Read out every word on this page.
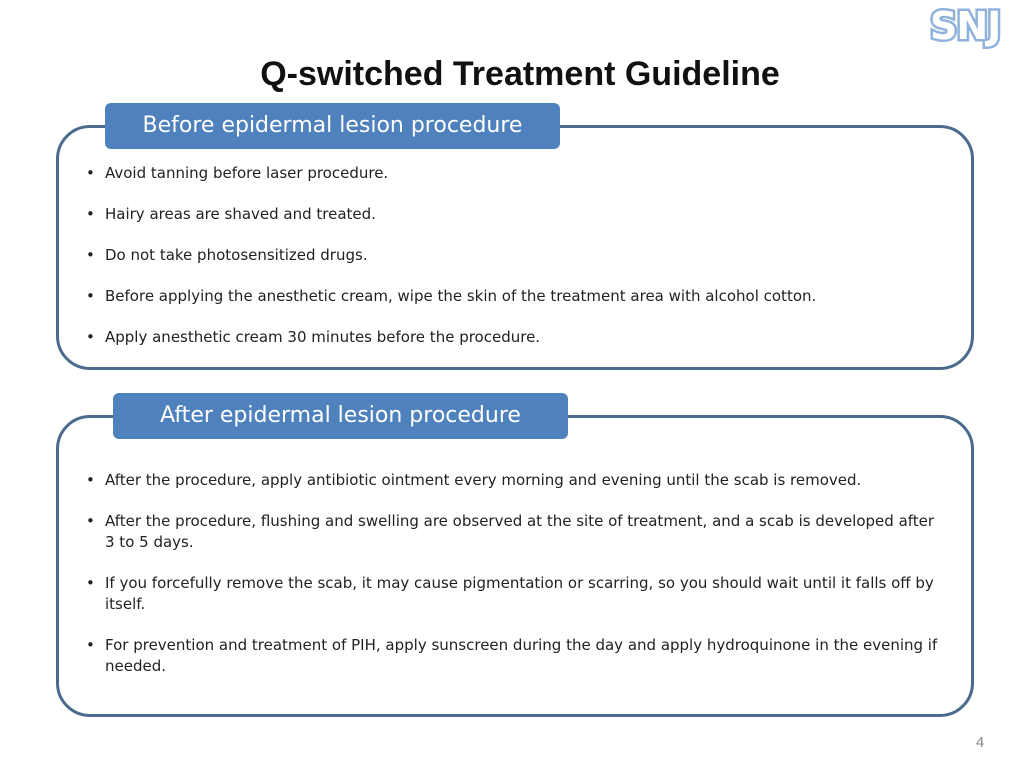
SNJ
Q-switched Treatment Guideline
Before epidermal lesion procedure
• Avoid tanning before laser procedure.
• Hairy areas are shaved and treated.
• Do not take photosensitized drugs.
• Before applying the anesthetic cream, wipe the skin of the treatment area with alcohol cotton.
• Apply anesthetic cream 30 minutes before the procedure.
After epidermal lesion procedure
• After the procedure, apply antibiotic ointment every morning and evening until the scab is removed.
• After the procedure, flushing and swelling are observed at the site of treatment, and a scab is developed after 3 to 5 days.
• If you forcefully remove the scab, it may cause pigmentation or scarring, so you should wait until it falls off by itself.
• For prevention and treatment of PIH, apply sunscreen during the day and apply hydroquinone in the evening if needed.
4
